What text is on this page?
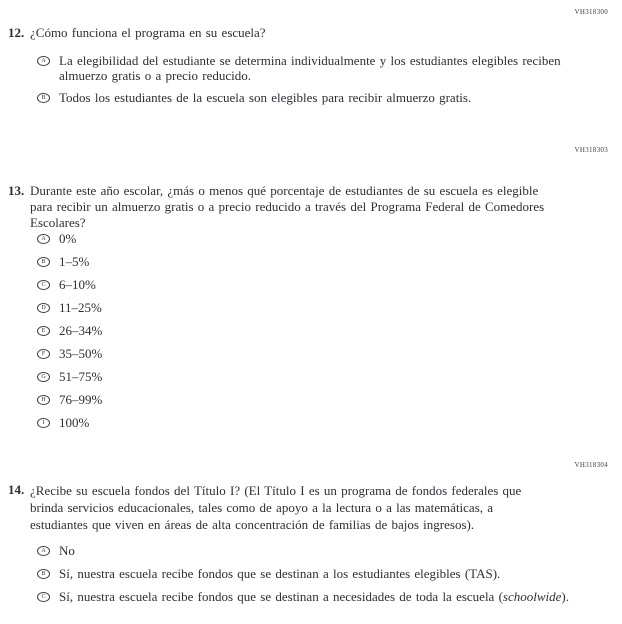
VH318300
12. ¿Cómo funciona el programa en su escuela?
A La elegibilidad del estudiante se determina individualmente y los estudiantes elegibles reciben
almuerzo gratis o a precio reducido.
B Todos los estudiantes de la escuela son elegibles para recibir almuerzo gratis.
VH318303
13. Durante este año escolar, ¿más o menos qué porcentaje de estudiantes de su escuela es elegible
para recibir un almuerzo gratis o a precio reducido a través del Programa Federal de Comedores
Escolares?
A 0%
B 1–5%
C 6–10%
D 11–25%
E 26–34%
F 35–50%
G 51–75%
H 76–99%
I 100%
VH318304
14. ¿Recibe su escuela fondos del Título I? (El Título I es un programa de fondos federales que
brinda servicios educacionales, tales como de apoyo a la lectura o a las matemáticas, a
estudiantes que viven en áreas de alta concentración de familias de bajos ingresos).
A No
B Sí, nuestra escuela recibe fondos que se destinan a los estudiantes elegibles (TAS).
C Sí, nuestra escuela recibe fondos que se destinan a necesidades de toda la escuela (schoolwide).
